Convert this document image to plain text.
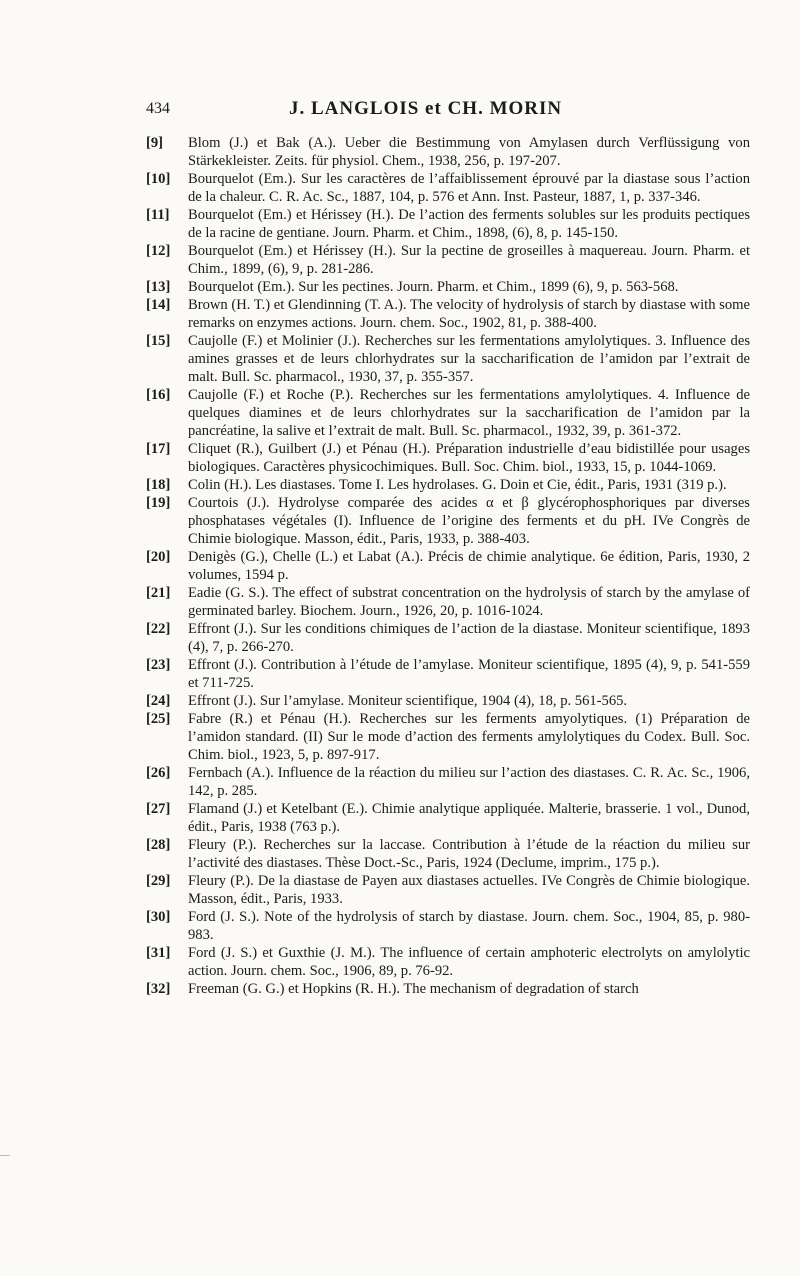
434	J. LANGLOIS et CH. MORIN
[9]	Blom (J.) et Bak (A.). Ueber die Bestimmung von Amylasen durch Verflüssigung von Stärkekleister. Zeits. für physiol. Chem., 1938, 256, p. 197-207.
[10]	Bourquelot (Em.). Sur les caractères de l’affaiblissement éprouvé par la diastase sous l’action de la chaleur. C. R. Ac. Sc., 1887, 104, p. 576 et Ann. Inst. Pasteur, 1887, 1, p. 337-346.
[11]	Bourquelot (Em.) et Hérissey (H.). De l’action des ferments solubles sur les produits pectiques de la racine de gentiane. Journ. Pharm. et Chim., 1898, (6), 8, p. 145-150.
[12]	Bourquelot (Em.) et Hérissey (H.). Sur la pectine de groseilles à maquereau. Journ. Pharm. et Chim., 1899, (6), 9, p. 281-286.
[13]	Bourquelot (Em.). Sur les pectines. Journ. Pharm. et Chim., 1899 (6), 9, p. 563-568.
[14]	Brown (H. T.) et Glendinning (T. A.). The velocity of hydrolysis of starch by diastase with some remarks on enzymes actions. Journ. chem. Soc., 1902, 81, p. 388-400.
[15]	Caujolle (F.) et Molinier (J.). Recherches sur les fermentations amylolytiques. 3. Influence des amines grasses et de leurs chlorhydrates sur la saccharification de l’amidon par l’extrait de malt. Bull. Sc. pharmacol., 1930, 37, p. 355-357.
[16]	Caujolle (F.) et Roche (P.). Recherches sur les fermentations amylolytiques. 4. Influence de quelques diamines et de leurs chlorhydrates sur la saccharification de l’amidon par la pancréatine, la salive et l’extrait de malt. Bull. Sc. pharmacol., 1932, 39, p. 361-372.
[17]	Cliquet (R.), Guilbert (J.) et Pénau (H.). Préparation industrielle d’eau bidistillée pour usages biologiques. Caractères physicochimiques. Bull. Soc. Chim. biol., 1933, 15, p. 1044-1069.
[18]	Colin (H.). Les diastases. Tome I. Les hydrolases. G. Doin et Cie, édit., Paris, 1931 (319 p.).
[19]	Courtois (J.). Hydrolyse comparée des acides α et β glycérophosphoriques par diverses phosphatases végétales (I). Influence de l’origine des ferments et du pH. IVe Congrès de Chimie biologique. Masson, édit., Paris, 1933, p. 388-403.
[20]	Denigès (G.), Chelle (L.) et Labat (A.). Précis de chimie analytique. 6e édition, Paris, 1930, 2 volumes, 1594 p.
[21]	Eadie (G. S.). The effect of substrat concentration on the hydrolysis of starch by the amylase of germinated barley. Biochem. Journ., 1926, 20, p. 1016-1024.
[22]	Effront (J.). Sur les conditions chimiques de l’action de la diastase. Moniteur scientifique, 1893 (4), 7, p. 266-270.
[23]	Effront (J.). Contribution à l’étude de l’amylase. Moniteur scientifique, 1895 (4), 9, p. 541-559 et 711-725.
[24]	Effront (J.). Sur l’amylase. Moniteur scientifique, 1904 (4), 18, p. 561-565.
[25]	Fabre (R.) et Pénau (H.). Recherches sur les ferments amyolytiques. (1) Préparation de l’amidon standard. (II) Sur le mode d’action des ferments amylolytiques du Codex. Bull. Soc. Chim. biol., 1923, 5, p. 897-917.
[26]	Fernbach (A.). Influence de la réaction du milieu sur l’action des diastases. C. R. Ac. Sc., 1906, 142, p. 285.
[27]	Flamand (J.) et Ketelbant (E.). Chimie analytique appliquée. Malterie, brasserie. 1 vol., Dunod, édit., Paris, 1938 (763 p.).
[28]	Fleury (P.). Recherches sur la laccase. Contribution à l’étude de la réaction du milieu sur l’activité des diastases. Thèse Doct.-Sc., Paris, 1924 (Declume, imprim., 175 p.).
[29]	Fleury (P.). De la diastase de Payen aux diastases actuelles. IVe Congrès de Chimie biologique. Masson, édit., Paris, 1933.
[30]	Ford (J. S.). Note of the hydrolysis of starch by diastase. Journ. chem. Soc., 1904, 85, p. 980-983.
[31]	Ford (J. S.) et Guxthie (J. M.). The influence of certain amphoteric electrolyts on amylolytic action. Journ. chem. Soc., 1906, 89, p. 76-92.
[32]	Freeman (G. G.) et Hopkins (R. H.). The mechanism of degradation of starch
